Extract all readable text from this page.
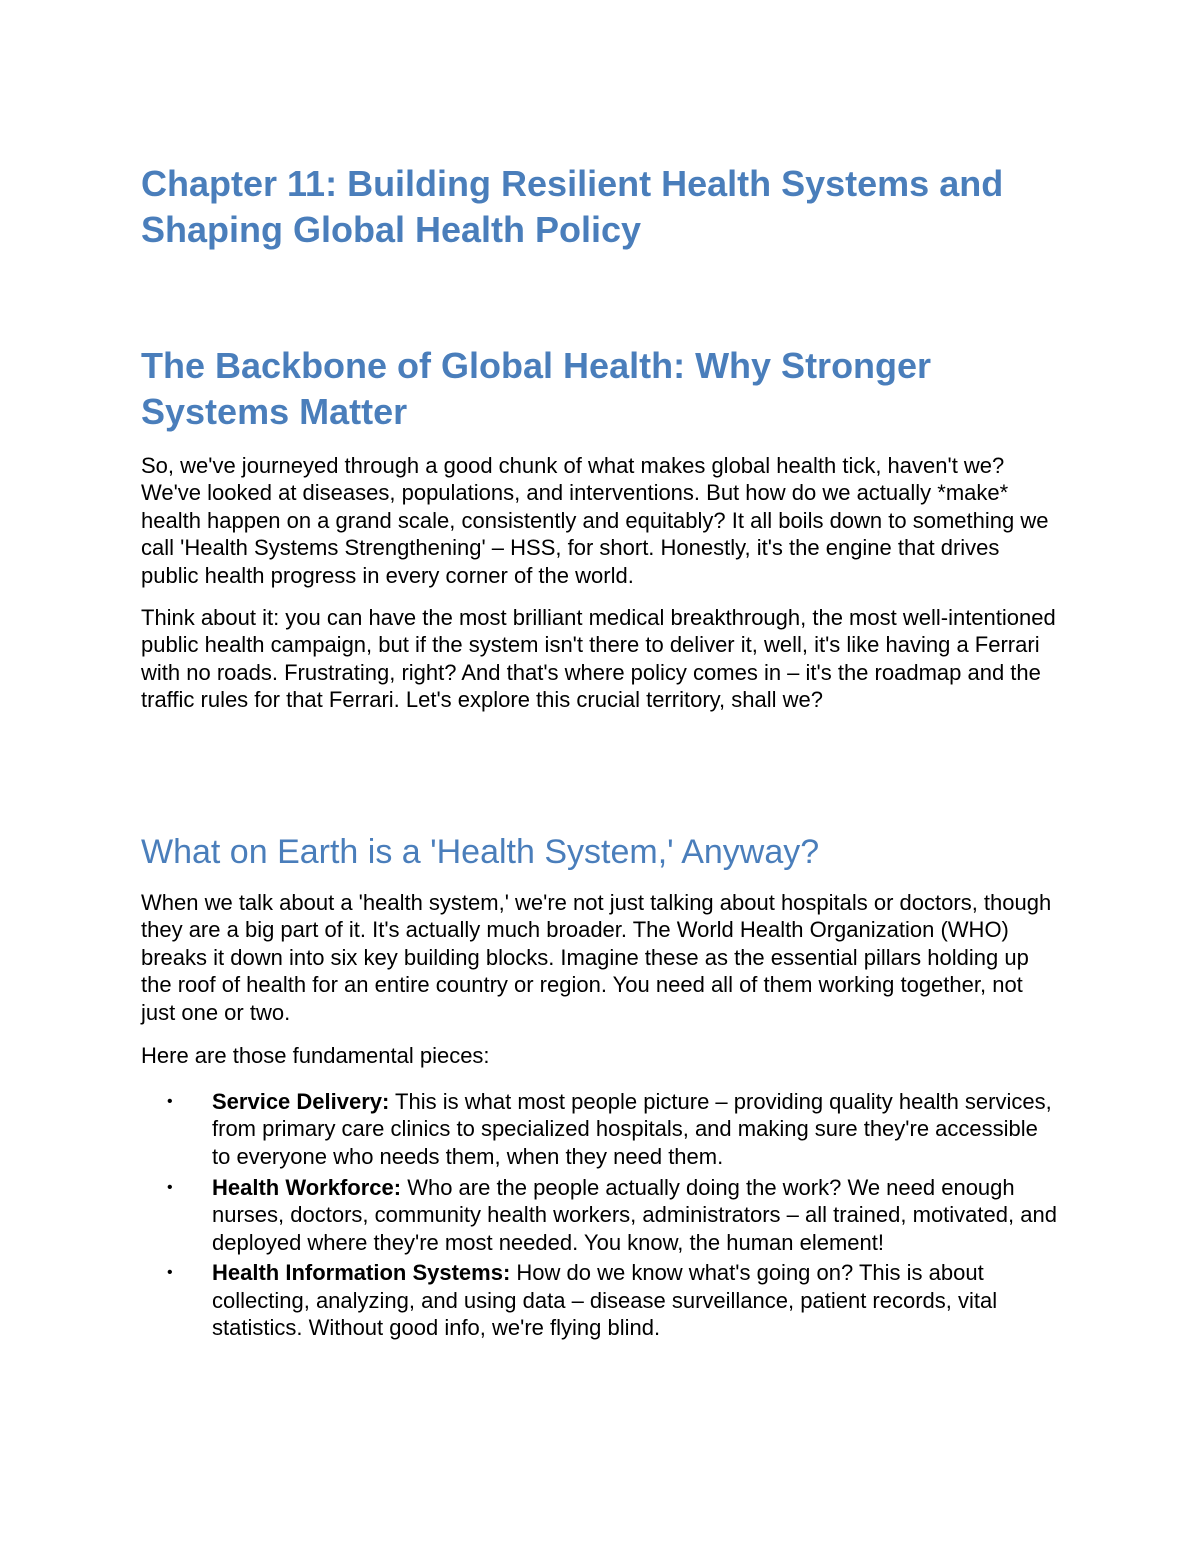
Chapter 11: Building Resilient Health Systems and Shaping Global Health Policy
The Backbone of Global Health: Why Stronger Systems Matter

So, we've journeyed through a good chunk of what makes global health tick, haven't we? We've looked at diseases, populations, and interventions. But how do we actually *make* health happen on a grand scale, consistently and equitably? It all boils down to something we call 'Health Systems Strengthening' – HSS, for short. Honestly, it's the engine that drives public health progress in every corner of the world.

Think about it: you can have the most brilliant medical breakthrough, the most well-intentioned public health campaign, but if the system isn't there to deliver it, well, it's like having a Ferrari with no roads. Frustrating, right? And that's where policy comes in – it's the roadmap and the traffic rules for that Ferrari. Let's explore this crucial territory, shall we?

What on Earth is a 'Health System,' Anyway?

When we talk about a 'health system,' we're not just talking about hospitals or doctors, though they are a big part of it. It's actually much broader. The World Health Organization (WHO) breaks it down into six key building blocks. Imagine these as the essential pillars holding up the roof of health for an entire country or region. You need all of them working together, not just one or two.

Here are those fundamental pieces:

• Service Delivery: This is what most people picture – providing quality health services, from primary care clinics to specialized hospitals, and making sure they're accessible to everyone who needs them, when they need them.
• Health Workforce: Who are the people actually doing the work? We need enough nurses, doctors, community health workers, administrators – all trained, motivated, and deployed where they're most needed. You know, the human element!
• Health Information Systems: How do we know what's going on? This is about collecting, analyzing, and using data – disease surveillance, patient records, vital statistics. Without good info, we're flying blind.
